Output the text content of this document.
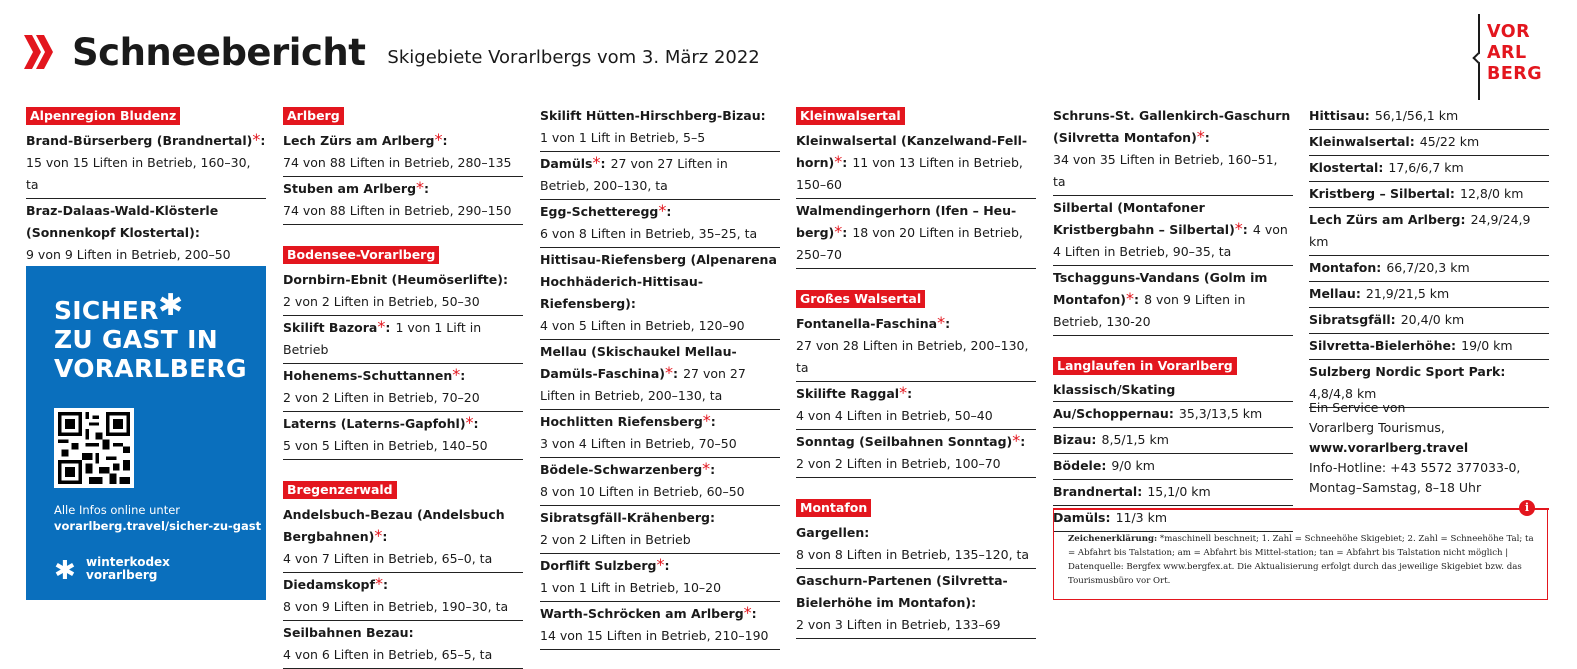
Schneebericht Skigebiete Vorarlbergs vom 3. März 2022
VOR
ARL
BERG
Alpenregion Bludenz
Brand-Bürserberg (Brandnertal)*:
15 von 15 Liften in Betrieb, 160–30, ta
Braz-Dalaas-Wald-Klösterle (Sonnenkopf Klostertal):
9 von 9 Liften in Betrieb, 200–50
Arlberg
Lech Zürs am Arlberg*:
74 von 88 Liften in Betrieb, 280–135
Stuben am Arlberg*:
74 von 88 Liften in Betrieb, 290–150
Bodensee-Vorarlberg
Dornbirn-Ebnit (Heumöserlifte):
2 von 2 Liften in Betrieb, 50–30
Skilift Bazora*: 1 von 1 Lift in Betrieb
Hohenems-Schuttannen*:
2 von 2 Liften in Betrieb, 70–20
Laterns (Laterns-Gapfohl)*:
5 von 5 Liften in Betrieb, 140–50
Bregenzerwald
Andelsbuch-Bezau (Andelsbuch Bergbahnen)*:
4 von 7 Liften in Betrieb, 65–0, ta
Diedamskopf*:
8 von 9 Liften in Betrieb, 190–30, ta
Seilbahnen Bezau:
4 von 6 Liften in Betrieb, 65–5, ta
Skilift Hütten-Hirschberg-Bizau:
1 von 1 Lift in Betrieb, 5–5
Damüls*: 27 von 27 Liften in Betrieb, 200–130, ta
Egg-Schetteregg*:
6 von 8 Liften in Betrieb, 35–25, ta
Hittisau-Riefensberg (Alpenarena Hochhäderich-Hittisau-Riefensberg):
4 von 5 Liften in Betrieb, 120–90
Mellau (Skischaukel Mellau-Damüls-Faschina)*: 27 von 27 Liften in Betrieb, 200–130, ta
Hochlitten Riefensberg*:
3 von 4 Liften in Betrieb, 70–50
Bödele-Schwarzenberg*:
8 von 10 Liften in Betrieb, 60–50
Sibratsgfäll-Krähenberg:
2 von 2 Liften in Betrieb
Dorflift Sulzberg*:
1 von 1 Lift in Betrieb, 10–20
Warth-Schröcken am Arlberg*:
14 von 15 Liften in Betrieb, 210–190
Kleinwalsertal
Kleinwalsertal (Kanzelwand-Fell-horn)*: 11 von 13 Liften in Betrieb, 150–60
Walmendingerhorn (Ifen – Heu-berg)*: 18 von 20 Liften in Betrieb, 250–70
Großes Walsertal
Fontanella-Faschina*:
27 von 28 Liften in Betrieb, 200–130, ta
Skilifte Raggal*:
4 von 4 Liften in Betrieb, 50–40
Sonntag (Seilbahnen Sonntag)*:
2 von 2 Liften in Betrieb, 100–70
Montafon
Gargellen:
8 von 8 Liften in Betrieb, 135–120, ta
Gaschurn-Partenen (Silvretta-Bielerhöhe im Montafon):
2 von 3 Liften in Betrieb, 133–69
Schruns-St. Gallenkirch-Gaschurn (Silvretta Montafon)*:
34 von 35 Liften in Betrieb, 160–51, ta
Silbertal (Montafoner Kristbergbahn – Silbertal)*: 4 von 4 Liften in Betrieb, 90–35, ta
Tschagguns-Vandans (Golm im Montafon)*: 8 von 9 Liften in Betrieb, 130-20
Langlaufen in Vorarlberg
klassisch/Skating
Au/Schoppernau: 35,3/13,5 km
Bizau: 8,5/1,5 km
Bödele: 9/0 km
Brandnertal: 15,1/0 km
Damüls: 11/3 km
Hittisau: 56,1/56,1 km
Kleinwalsertal: 45/22 km
Klostertal: 17,6/6,7 km
Kristberg – Silbertal: 12,8/0 km
Lech Zürs am Arlberg: 24,9/24,9 km
Montafon: 66,7/20,3 km
Mellau: 21,9/21,5 km
Sibratsgfäll: 20,4/0 km
Silvretta-Bielerhöhe: 19/0 km
Sulzberg Nordic Sport Park: 4,8/4,8 km
SICHER
ZU GAST IN
VORARLBERG
✱
Alle Infos online unter
vorarlberg.travel/sicher-zu-gast
✱ winterkodex
vorarlberg
Ein Service von
Vorarlberg Tourismus,
www.vorarlberg.travel
Info-Hotline: +43 5572 377033-0,
Montag–Samstag, 8–18 Uhr
i
Zeichenerklärung: *maschinell beschneit; 1. Zahl = Schneehöhe Skigebiet; 2. Zahl = Schneehöhe Tal; ta = Abfahrt bis Talstation; am = Abfahrt bis Mittel-station; tan = Abfahrt bis Talstation nicht möglich | Datenquelle: Bergfex www.bergfex.at. Die Aktualisierung erfolgt durch das jeweilige Skigebiet bzw. das Tourismusbüro vor Ort.
